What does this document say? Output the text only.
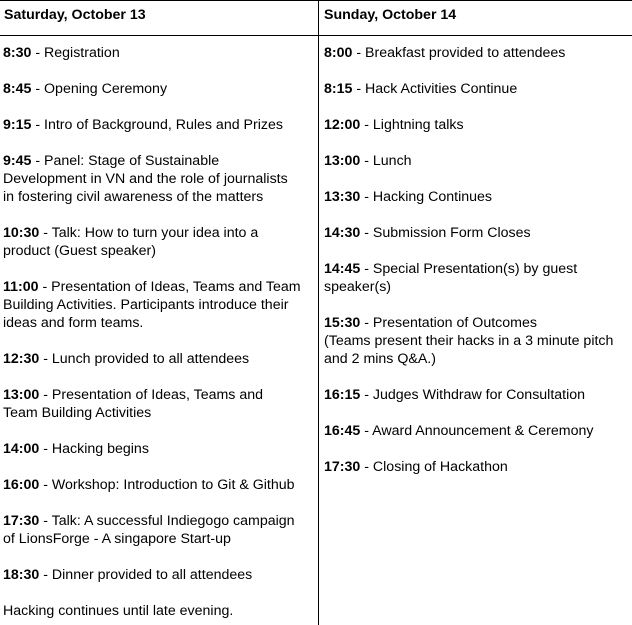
Saturday, October 13
8:30 - Registration
8:45 - Opening Ceremony
9:15 - Intro of Background, Rules and Prizes
9:45 - Panel: Stage of Sustainable
Development in VN and the role of journalists
in fostering civil awareness of the matters
10:30 - Talk: How to turn your idea into a
product (Guest speaker)
11:00 - Presentation of Ideas, Teams and Team
Building Activities. Participants introduce their
ideas and form teams.
12:30 - Lunch provided to all attendees
13:00 - Presentation of Ideas, Teams and
Team Building Activities
14:00 - Hacking begins
16:00 - Workshop: Introduction to Git & Github
17:30 - Talk: A successful Indiegogo campaign
of LionsForge - A singapore Start-up
18:30 - Dinner provided to all attendees
Hacking continues until late evening.
Sunday, October 14
8:00 - Breakfast provided to attendees
8:15 - Hack Activities Continue
12:00 - Lightning talks
13:00 - Lunch
13:30 - Hacking Continues
14:30 - Submission Form Closes
14:45 - Special Presentation(s) by guest
speaker(s)
15:30 - Presentation of Outcomes
(Teams present their hacks in a 3 minute pitch
and 2 mins Q&A.)
16:15 - Judges Withdraw for Consultation
16:45 - Award Announcement & Ceremony
17:30 - Closing of Hackathon
